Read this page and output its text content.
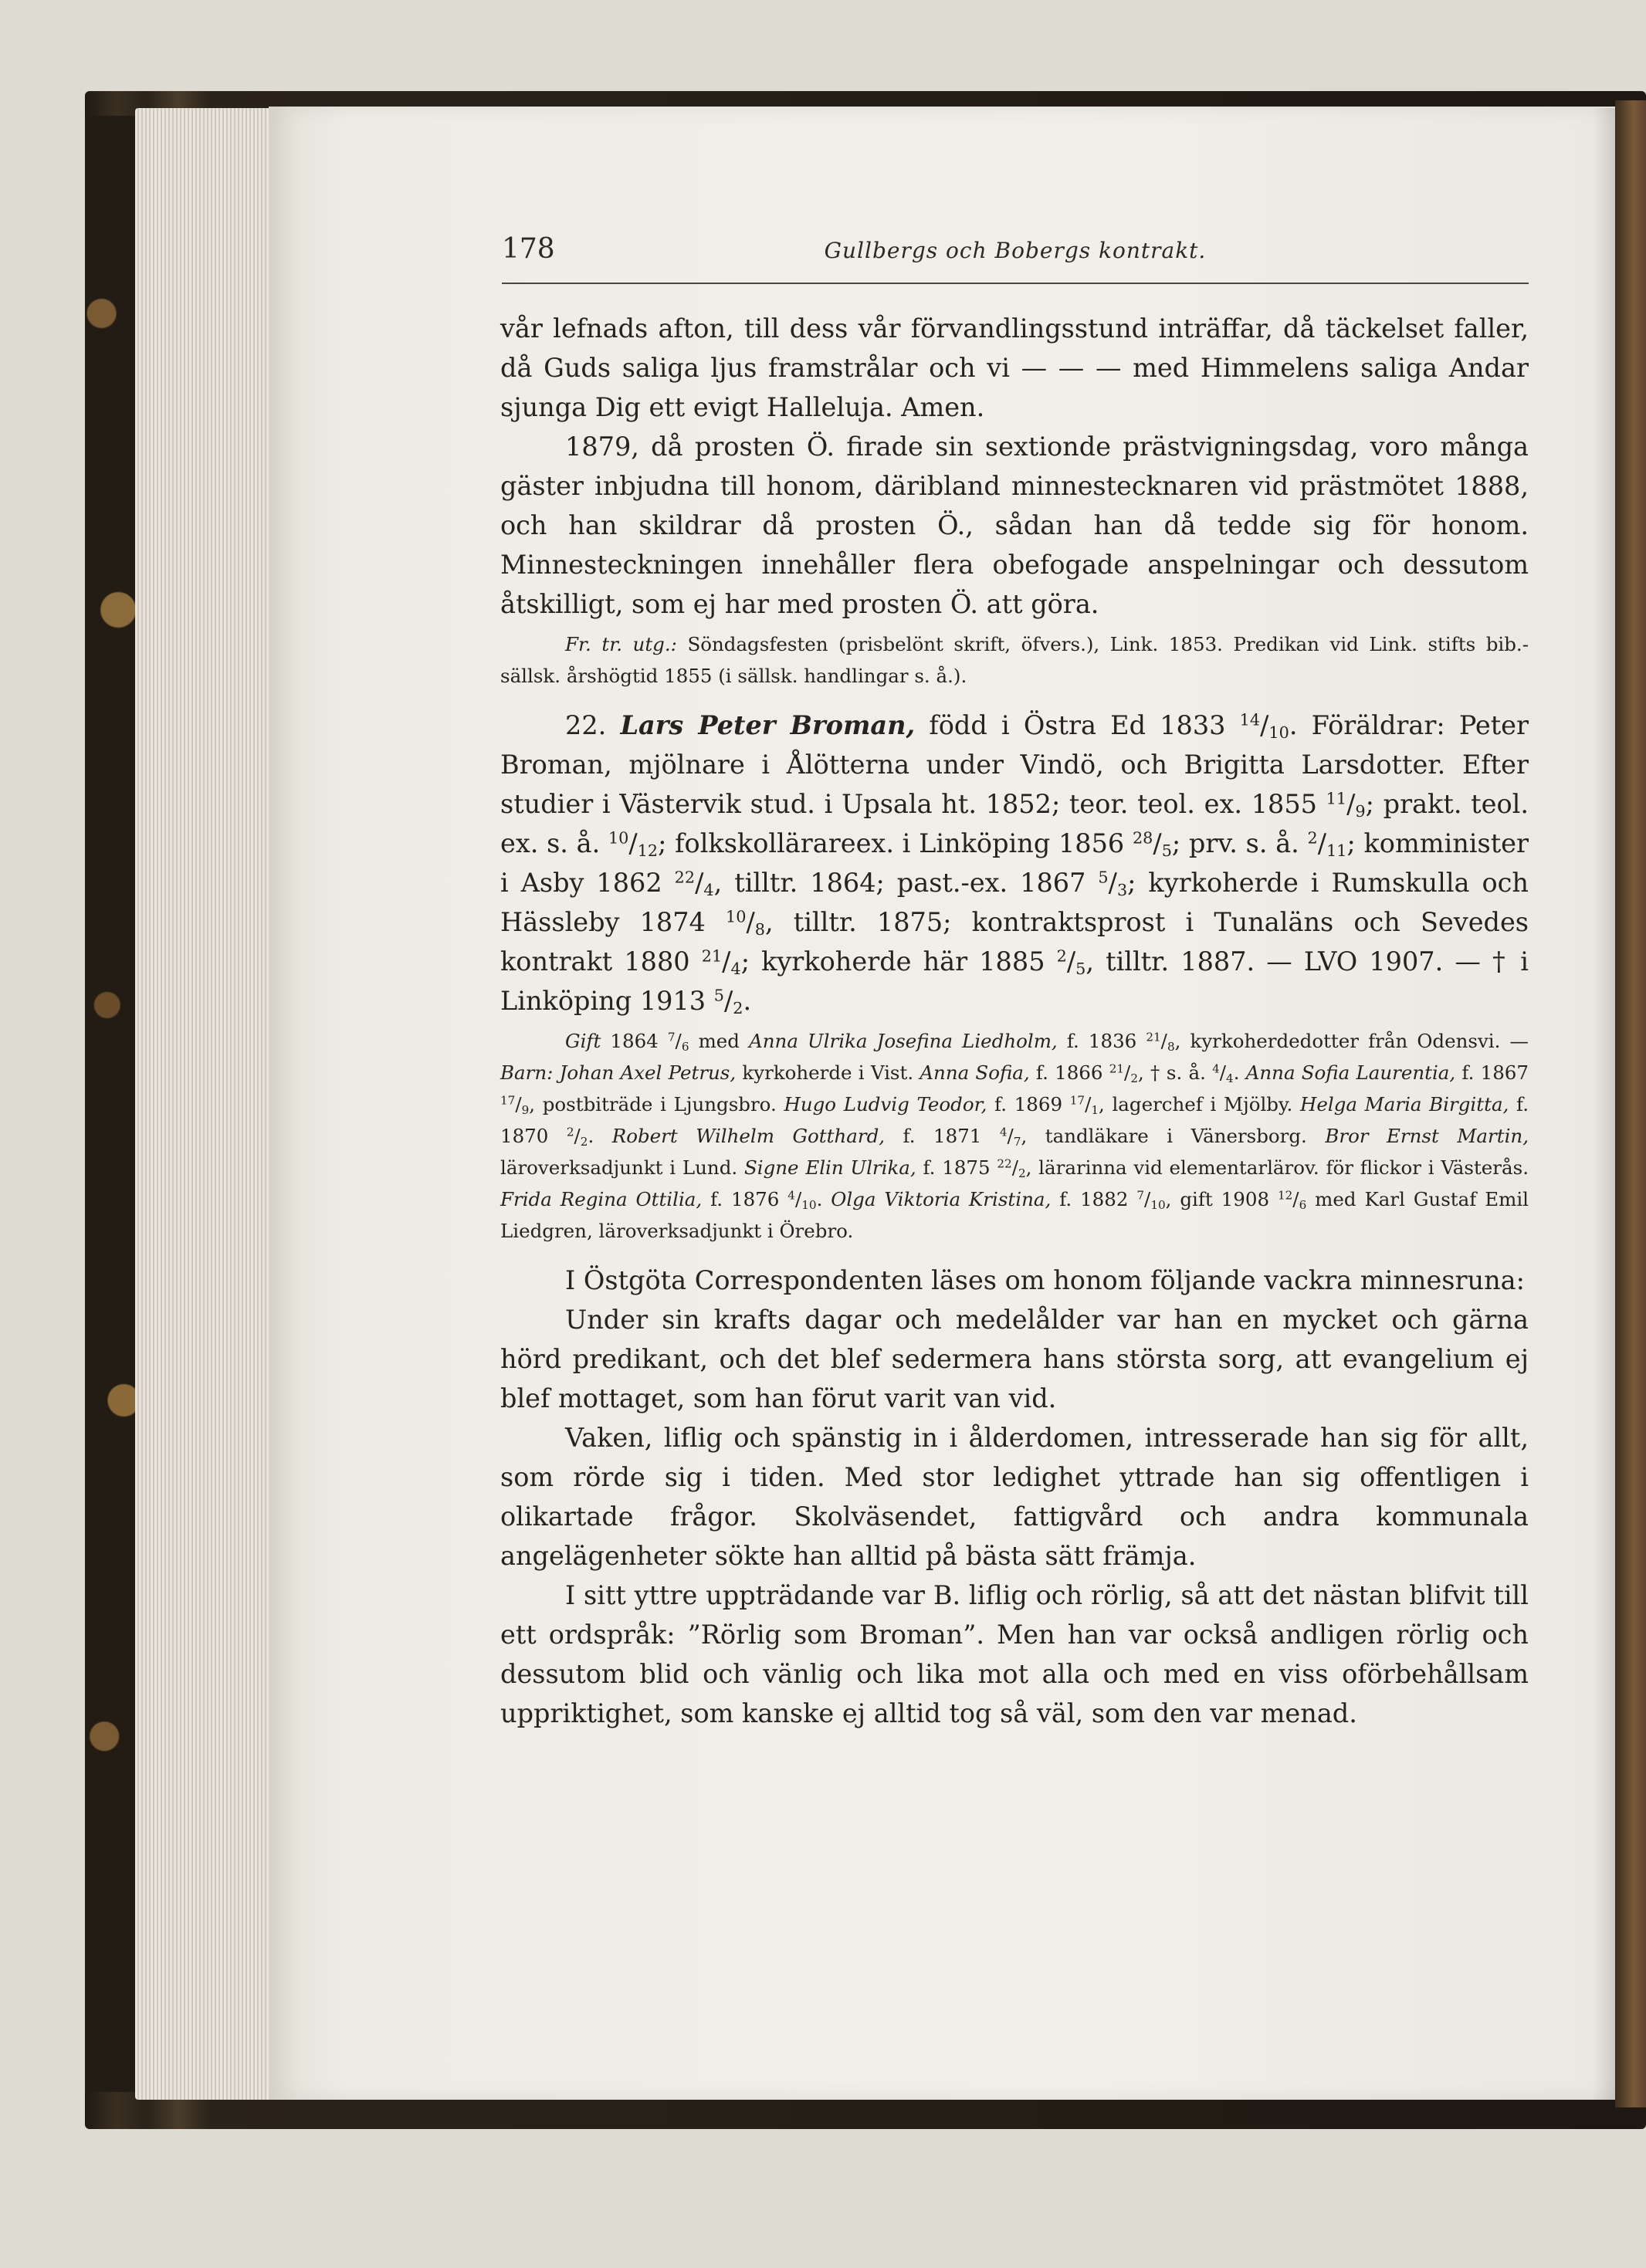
178	Gullbergs och Bobergs kontrakt.

vår lefnads afton, till dess vår förvandlingsstund inträffar, då täckelset faller, då Guds saliga ljus framstrålar och vi — — — med Himmelens saliga Andar sjunga Dig ett evigt Halleluja. Amen.

1879, då prosten Ö. firade sin sextionde prästvigningsdag, voro många gäster inbjudna till honom, däribland minnestecknaren vid prästmötet 1888, och han skildrar då prosten Ö., sådan han då tedde sig för honom. Minnesteckningen innehåller flera obefogade anspelningar och dessutom åtskilligt, som ej har med prosten Ö. att göra.

Fr. tr. utg.: Söndagsfesten (prisbelönt skrift, öfvers.), Link. 1853. Predikan vid Link. stifts bib.-sällsk. årshögtid 1855 (i sällsk. handlingar s. å.).

22. Lars Peter Broman, född i Östra Ed 1833 $^{14}/_{10}$. Föräldrar: Peter Broman, mjölnare i Ålötterna under Vindö, och Brigitta Larsdotter. Efter studier i Västervik stud. i Upsala ht. 1852; teor. teol. ex. 1855 $^{11}/_9$; prakt. teol. ex. s. å. $^{10}/_{12}$; folkskollärareex. i Linköping 1856 $^{28}/_5$; prv. s. å. $^2/_{11}$; komminister i Asby 1862 $^{22}/_4$, tilltr. 1864; past.-ex. 1867 $^5/_3$; kyrkoherde i Rumskulla och Hässleby 1874 $^{10}/_8$, tilltr. 1875; kontraktsprost i Tunaläns och Sevedes kontrakt 1880 $^{21}/_4$; kyrkoherde här 1885 $^2/_5$, tilltr. 1887. — LVO 1907. — † i Linköping 1913 $^5/_2$.

Gift 1864 $^7/_6$ med Anna Ulrika Josefina Liedholm, f. 1836 $^{21}/_8$, kyrkoherdedotter från Odensvi. — Barn: Johan Axel Petrus, kyrkoherde i Vist. Anna Sofia, f. 1866 $^{21}/_2$, † s. å. $^4/_4$. Anna Sofia Laurentia, f. 1867 $^{17}/_9$, postbiträde i Ljungsbro. Hugo Ludvig Teodor, f. 1869 $^{17}/_1$, lagerchef i Mjölby. Helga Maria Birgitta, f. 1870 $^2/_2$. Robert Wilhelm Gotthard, f. 1871 $^4/_7$, tandläkare i Vänersborg. Bror Ernst Martin, läroverksadjunkt i Lund. Signe Elin Ulrika, f. 1875 $^{22}/_2$, lärarinna vid elementarlärov. för flickor i Västerås. Frida Regina Ottilia, f. 1876 $^4/_{10}$. Olga Viktoria Kristina, f. 1882 $^7/_{10}$, gift 1908 $^{12}/_6$ med Karl Gustaf Emil Liedgren, läroverksadjunkt i Örebro.

I Östgöta Correspondenten läses om honom följande vackra minnesruna:

Under sin krafts dagar och medelålder var han en mycket och gärna hörd predikant, och det blef sedermera hans största sorg, att evangelium ej blef mottaget, som han förut varit van vid.

Vaken, liflig och spänstig in i ålderdomen, intresserade han sig för allt, som rörde sig i tiden. Med stor ledighet yttrade han sig offentligen i olikartade frågor. Skolväsendet, fattigvård och andra kommunala angelägenheter sökte han alltid på bästa sätt främja.

I sitt yttre uppträdande var B. liflig och rörlig, så att det nästan blifvit till ett ordspråk: ”Rörlig som Broman”. Men han var också andligen rörlig och dessutom blid och vänlig och lika mot alla och med en viss oförbehållsam uppriktighet, som kanske ej alltid tog så väl, som den var menad.
